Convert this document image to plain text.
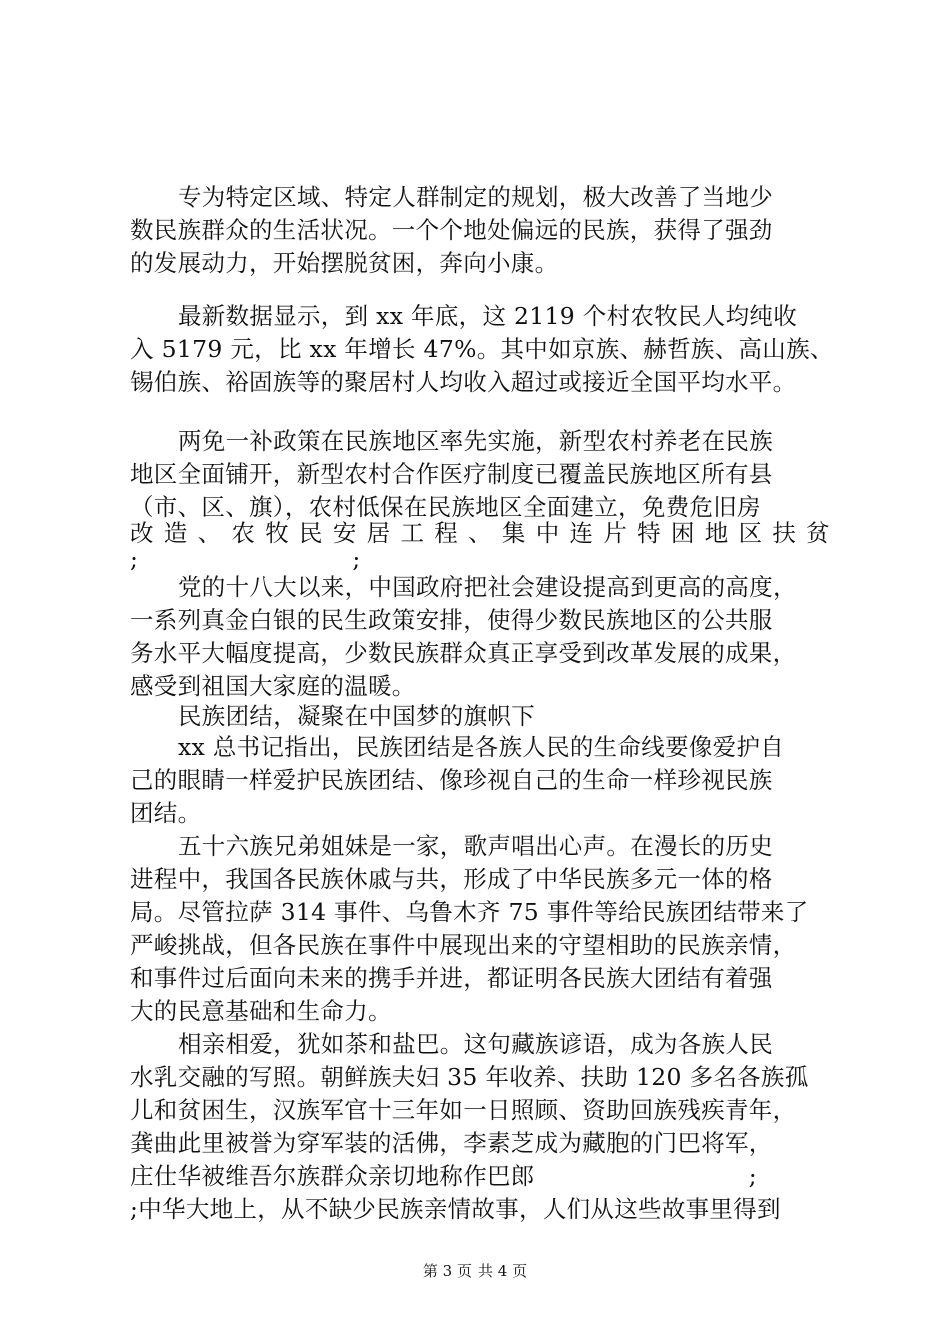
专为特定区域、特定人群制定的规划，极大改善了当地少
数民族群众的生活状况。一个个地处偏远的民族，获得了强劲
的发展动力，开始摆脱贫困，奔向小康。
最新数据显示，到 xx 年底，这 2119 个村农牧民人均纯收
入 5179 元，比 xx 年增长 47%。其中如京族、赫哲族、高山族、
锡伯族、裕固族等的聚居村人均收入超过或接近全国平均水平。
两免一补政策在民族地区率先实施，新型农村养老在民族
地区全面铺开，新型农村合作医疗制度已覆盖民族地区所有县
（市、区、旗），农村低保在民族地区全面建立，免费危旧房
改造、农牧民安居工程、集中连片特困地区扶贫
;　　　　　　　　　;
党的十八大以来，中国政府把社会建设提高到更高的高度，
一系列真金白银的民生政策安排，使得少数民族地区的公共服
务水平大幅度提高，少数民族群众真正享受到改革发展的成果，
感受到祖国大家庭的温暖。
民族团结，凝聚在中国梦的旗帜下
xx 总书记指出，民族团结是各族人民的生命线要像爱护自
己的眼睛一样爱护民族团结、像珍视自己的生命一样珍视民族
团结。
五十六族兄弟姐妹是一家，歌声唱出心声。在漫长的历史
进程中，我国各民族休戚与共，形成了中华民族多元一体的格
局。尽管拉萨 314 事件、乌鲁木齐 75 事件等给民族团结带来了
严峻挑战，但各民族在事件中展现出来的守望相助的民族亲情，
和事件过后面向未来的携手并进，都证明各民族大团结有着强
大的民意基础和生命力。
相亲相爱，犹如茶和盐巴。这句藏族谚语，成为各族人民
水乳交融的写照。朝鲜族夫妇 35 年收养、扶助 120 多名各族孤
儿和贫困生，汉族军官十三年如一日照顾、资助回族残疾青年，
龚曲此里被誉为穿军装的活佛，李素芝成为藏胞的门巴将军，
庄仕华被维吾尔族群众亲切地称作巴郎　　　　　　　　　;
;中华大地上，从不缺少民族亲情故事，人们从这些故事里得到
第 3 页 共 4 页
